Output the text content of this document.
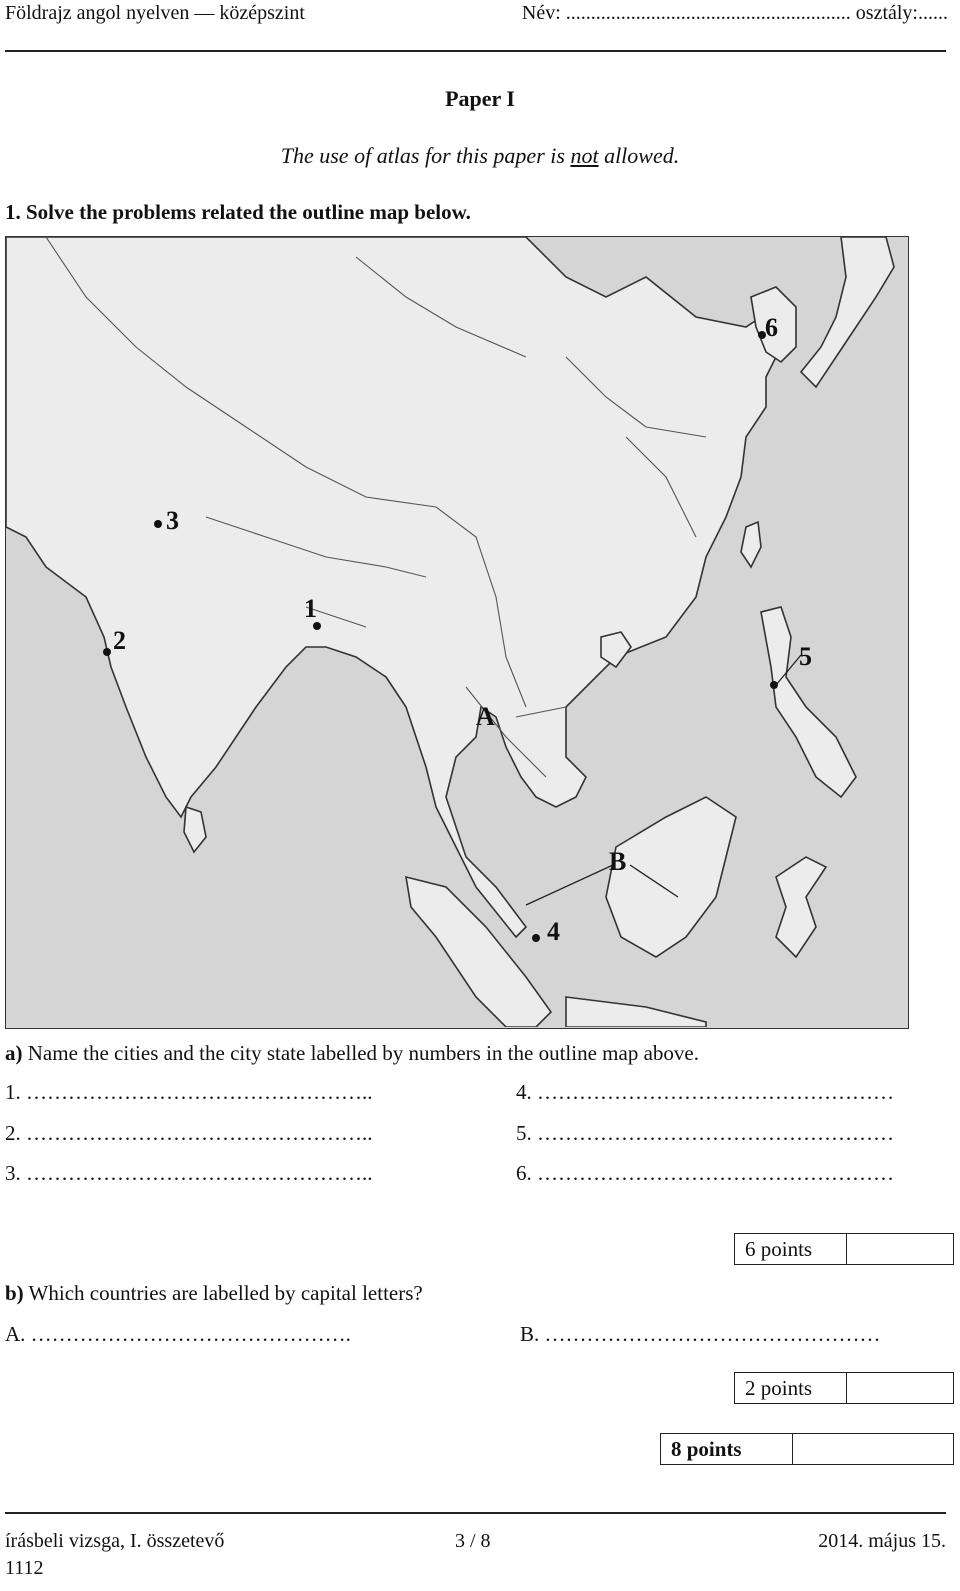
Földrajz angol nyelven — középszint	Név: ......................................................... osztály:......
Paper I
The use of atlas for this paper is not allowed.
1. Solve the problems related the outline map below.
1
2
3
4
5
6
A
B
a) Name the cities and the city state labelled by numbers in the outline map above.
1. …………………………………………..
2. …………………………………………..
3. …………………………………………..
4. ……………………………………………
5. ……………………………………………
6. ……………………………………………
6 points
b) Which countries are labelled by capital letters?
A. ……………………………………….	B. …………………………………………
2 points
8 points
írásbeli vizsga, I. összetevő
1112
3 / 8	2014. május 15.
